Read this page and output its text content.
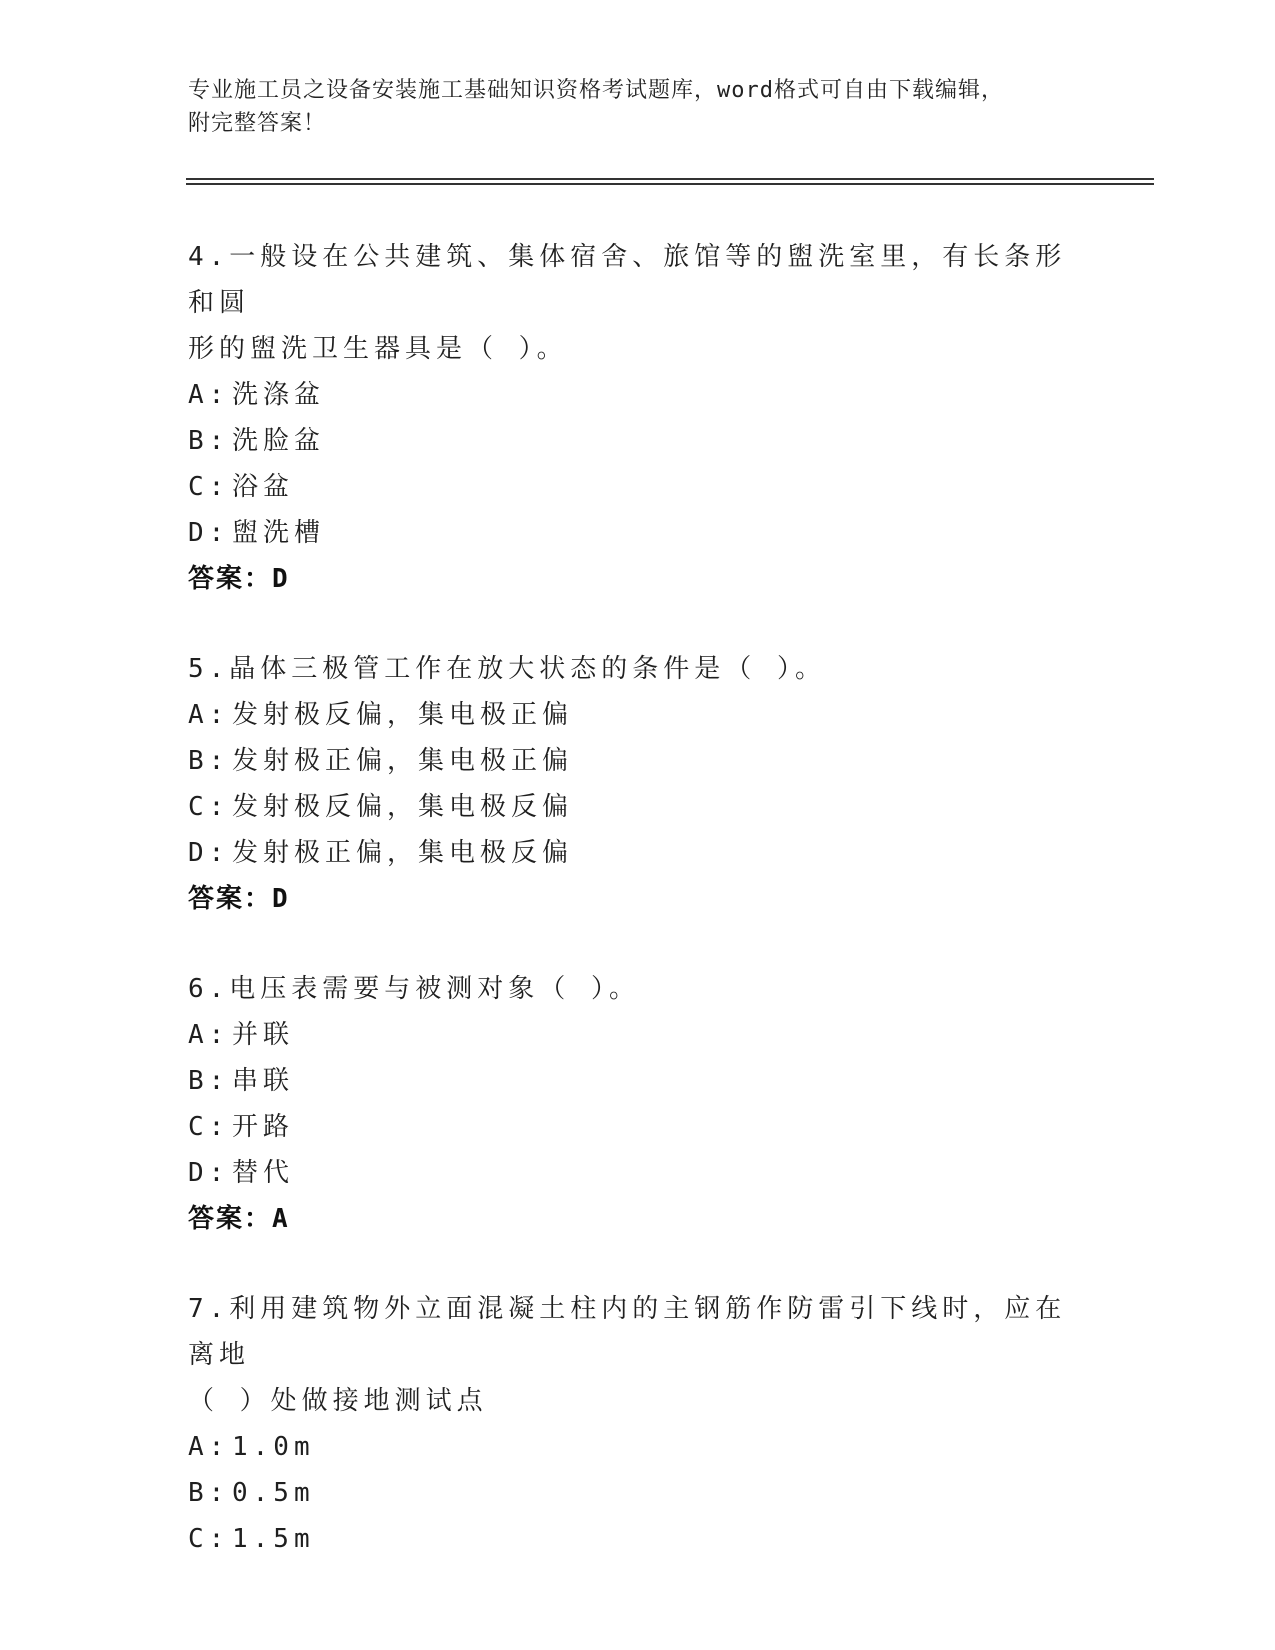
专业施工员之设备安装施工基础知识资格考试题库，word格式可自由下载编辑，
附完整答案！
4.一般设在公共建筑、集体宿舍、旅馆等的盥洗室里，有长条形和圆
形的盥洗卫生器具是（ ）。
A: 洗涤盆
B: 洗脸盆
C: 浴盆
D: 盥洗槽
答案：D
5.晶体三极管工作在放大状态的条件是（ ）。
A: 发射极反偏，集电极正偏
B: 发射极正偏，集电极正偏
C: 发射极反偏，集电极反偏
D: 发射极正偏，集电极反偏
答案：D
6.电压表需要与被测对象（ ）。
A: 并联
B: 串联
C: 开路
D: 替代
答案：A
7.利用建筑物外立面混凝土柱内的主钢筋作防雷引下线时，应在离地
（ ）处做接地测试点
A: 1.0m
B: 0.5m
C: 1.5m
